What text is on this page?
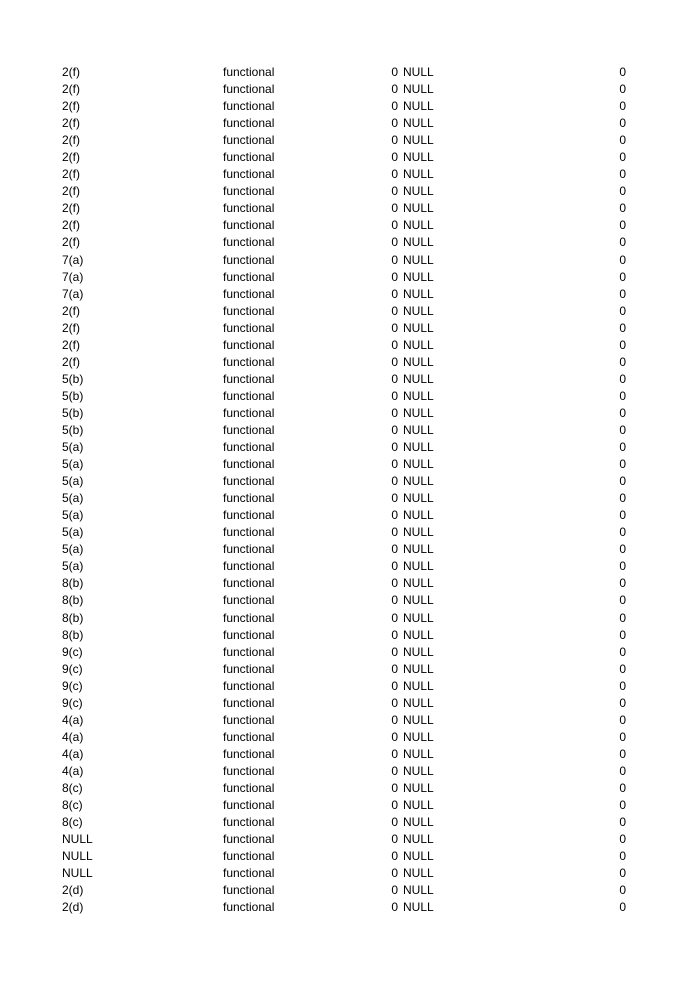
2(f)	functional	0 NULL	0
2(f)	functional	0 NULL	0
2(f)	functional	0 NULL	0
2(f)	functional	0 NULL	0
2(f)	functional	0 NULL	0
2(f)	functional	0 NULL	0
2(f)	functional	0 NULL	0
2(f)	functional	0 NULL	0
2(f)	functional	0 NULL	0
2(f)	functional	0 NULL	0
2(f)	functional	0 NULL	0
7(a)	functional	0 NULL	0
7(a)	functional	0 NULL	0
7(a)	functional	0 NULL	0
2(f)	functional	0 NULL	0
2(f)	functional	0 NULL	0
2(f)	functional	0 NULL	0
2(f)	functional	0 NULL	0
5(b)	functional	0 NULL	0
5(b)	functional	0 NULL	0
5(b)	functional	0 NULL	0
5(b)	functional	0 NULL	0
5(a)	functional	0 NULL	0
5(a)	functional	0 NULL	0
5(a)	functional	0 NULL	0
5(a)	functional	0 NULL	0
5(a)	functional	0 NULL	0
5(a)	functional	0 NULL	0
5(a)	functional	0 NULL	0
5(a)	functional	0 NULL	0
8(b)	functional	0 NULL	0
8(b)	functional	0 NULL	0
8(b)	functional	0 NULL	0
8(b)	functional	0 NULL	0
9(c)	functional	0 NULL	0
9(c)	functional	0 NULL	0
9(c)	functional	0 NULL	0
9(c)	functional	0 NULL	0
4(a)	functional	0 NULL	0
4(a)	functional	0 NULL	0
4(a)	functional	0 NULL	0
4(a)	functional	0 NULL	0
8(c)	functional	0 NULL	0
8(c)	functional	0 NULL	0
8(c)	functional	0 NULL	0
NULL	functional	0 NULL	0
NULL	functional	0 NULL	0
NULL	functional	0 NULL	0
2(d)	functional	0 NULL	0
2(d)	functional	0 NULL	0
